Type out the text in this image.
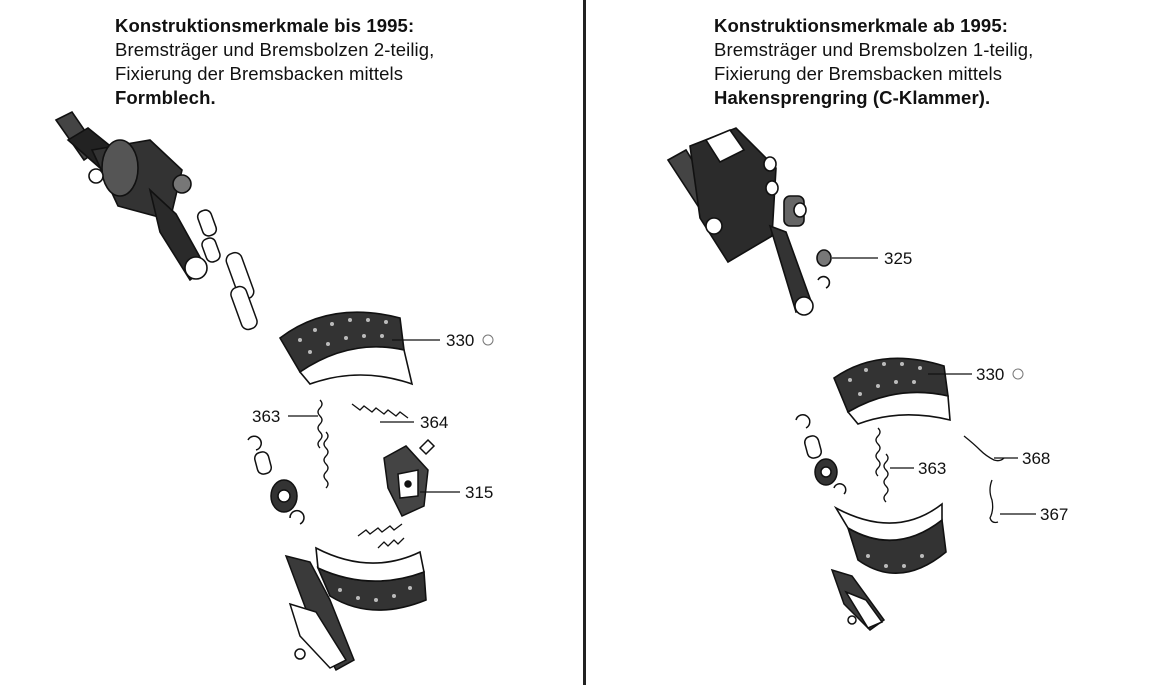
Konstruktionsmerkmale bis 1995:
Bremsträger und Bremsbolzen 2-teilig,
Fixierung der Bremsbacken mittels
Formblech.
330
363	364
315
Konstruktionsmerkmale ab 1995:
Bremsträger und Bremsbolzen 1-teilig,
Fixierung der Bremsbacken mittels
Hakensprengring (C-Klammer).
325
330
363
368
367
